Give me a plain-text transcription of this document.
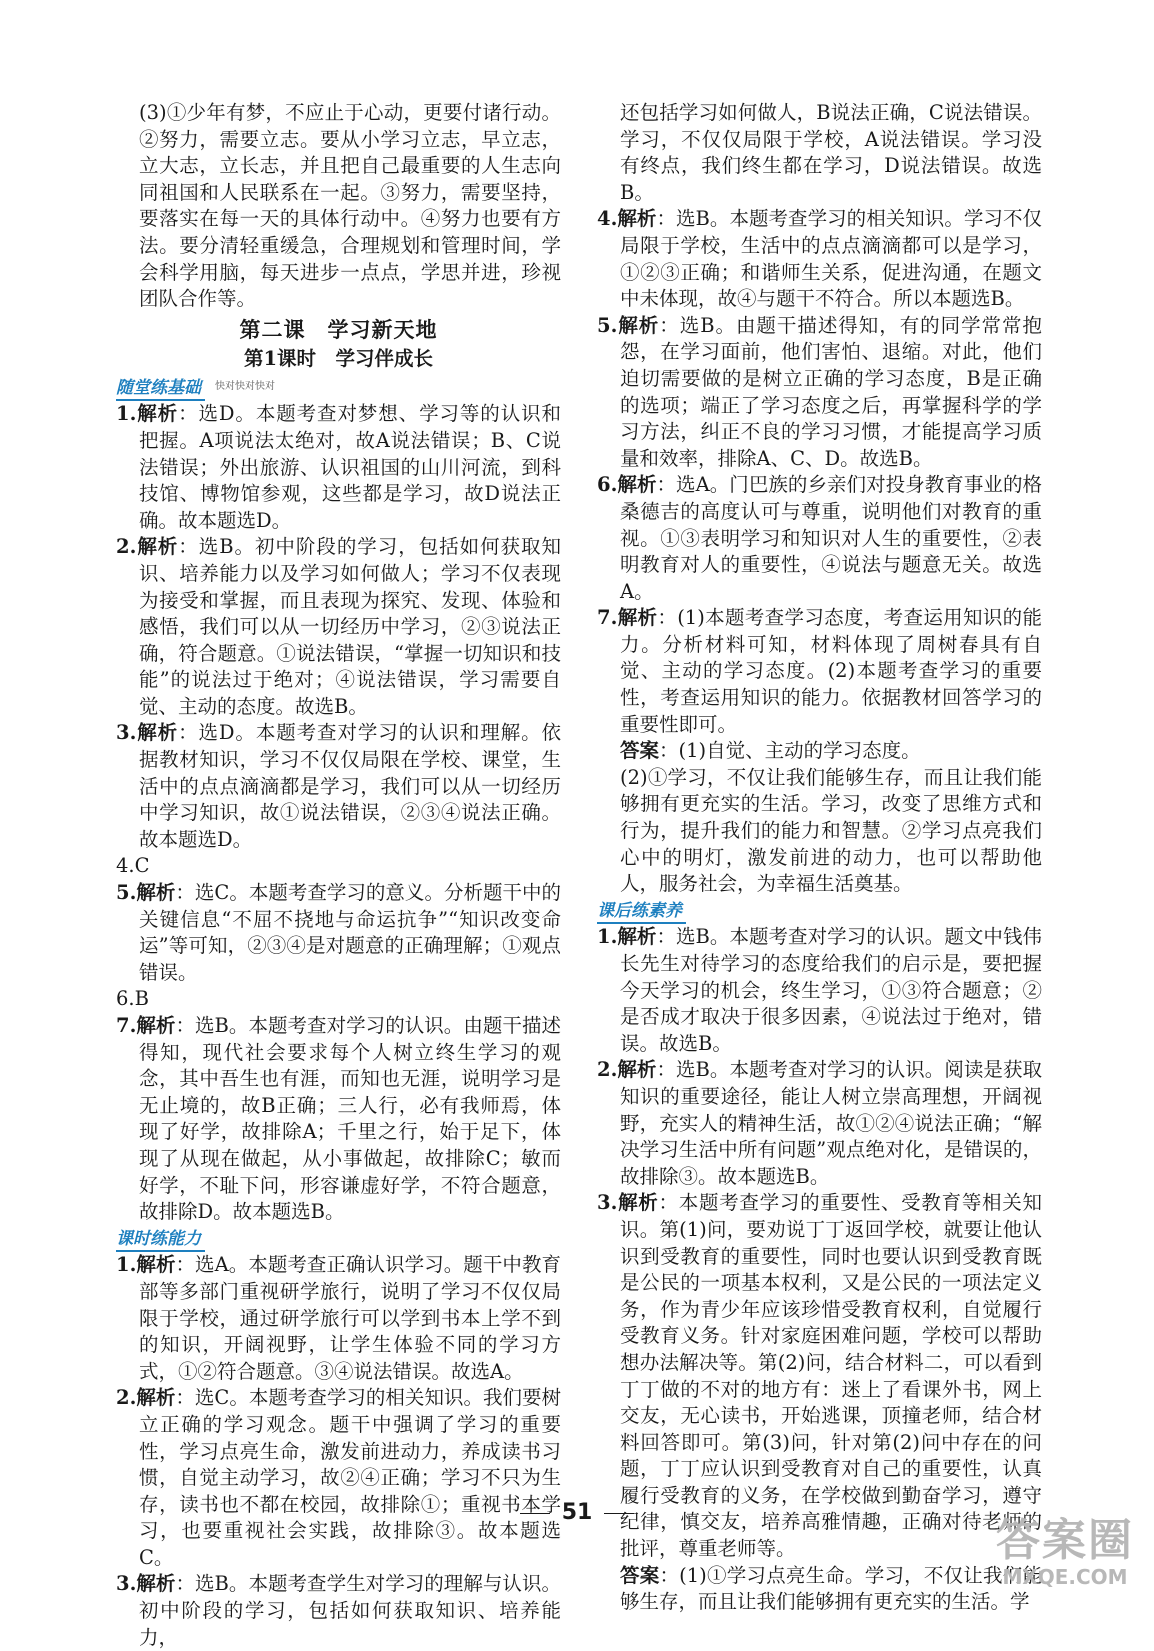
(3)①少年有梦，不应止于心动，更要付诸行动。②努力，需要立志。要从小学习立志，早立志，立大志，立长志，并且把自己最重要的人生志向同祖国和人民联系在一起。③努力，需要坚持，要落实在每一天的具体行动中。④努力也要有方法。要分清轻重缓急，合理规划和管理时间，学会科学用脑，每天进步一点点，学思并进，珍视团队合作等。

第二课　学习新天地
第1课时　学习伴成长
随堂练基础	快对快对快对

1.解析：选D。本题考查对梦想、学习等的认识和把握。A项说法太绝对，故A说法错误；B、C说法错误；外出旅游、认识祖国的山川河流，到科技馆、博物馆参观，这些都是学习，故D说法正确。故本题选D。

2.解析：选B。初中阶段的学习，包括如何获取知识、培养能力以及学习如何做人；学习不仅表现为接受和掌握，而且表现为探究、发现、体验和感悟，我们可以从一切经历中学习，②③说法正确，符合题意。①说法错误，“掌握一切知识和技能”的说法过于绝对；④说法错误，学习需要自觉、主动的态度。故选B。

3.解析：选D。本题考查对学习的认识和理解。依据教材知识，学习不仅仅局限在学校、课堂，生活中的点点滴滴都是学习，我们可以从一切经历中学习知识，故①说法错误，②③④说法正确。故本题选D。

4.C

5.解析：选C。本题考查学习的意义。分析题干中的关键信息“不屈不挠地与命运抗争”“知识改变命运”等可知，②③④是对题意的正确理解；①观点错误。

6.B

7.解析：选B。本题考查对学习的认识。由题干描述得知，现代社会要求每个人树立终生学习的观念，其中吾生也有涯，而知也无涯，说明学习是无止境的，故B正确；三人行，必有我师焉，体现了好学，故排除A；千里之行，始于足下，体现了从现在做起，从小事做起，故排除C；敏而好学，不耻下问，形容谦虚好学，不符合题意，故排除D。故本题选B。

课时练能力

1.解析：选A。本题考查正确认识学习。题干中教育部等多部门重视研学旅行，说明了学习不仅仅局限于学校，通过研学旅行可以学到书本上学不到的知识，开阔视野，让学生体验不同的学习方式，①②符合题意。③④说法错误。故选A。

2.解析：选C。本题考查学习的相关知识。我们要树立正确的学习观念。题干中强调了学习的重要性，学习点亮生命，激发前进动力，养成读书习惯，自觉主动学习，故②④正确；学习不只为生存，读书也不都在校园，故排除①；重视书本学习，也要重视社会实践，故排除③。故本题选C。

3.解析：选B。本题考查学生对学习的理解与认识。初中阶段的学习，包括如何获取知识、培养能力，

还包括学习如何做人，B说法正确，C说法错误。学习，不仅仅局限于学校，A说法错误。学习没有终点，我们终生都在学习，D说法错误。故选B。

4.解析：选B。本题考查学习的相关知识。学习不仅局限于学校，生活中的点点滴滴都可以是学习，①②③正确；和谐师生关系，促进沟通，在题文中未体现，故④与题干不符合。所以本题选B。

5.解析：选B。由题干描述得知，有的同学常常抱怨，在学习面前，他们害怕、退缩。对此，他们迫切需要做的是树立正确的学习态度，B是正确的选项；端正了学习态度之后，再掌握科学的学习方法，纠正不良的学习习惯，才能提高学习质量和效率，排除A、C、D。故选B。

6.解析：选A。门巴族的乡亲们对投身教育事业的格桑德吉的高度认可与尊重，说明他们对教育的重视。①③表明学习和知识对人生的重要性，②表明教育对人的重要性，④说法与题意无关。故选A。

7.解析：(1)本题考查学习态度，考查运用知识的能力。分析材料可知，材料体现了周树春具有自觉、主动的学习态度。(2)本题考查学习的重要性，考查运用知识的能力。依据教材回答学习的重要性即可。

答案：(1)自觉、主动的学习态度。

(2)①学习，不仅让我们能够生存，而且让我们能够拥有更充实的生活。学习，改变了思维方式和行为，提升我们的能力和智慧。②学习点亮我们心中的明灯，激发前进的动力，也可以帮助他人，服务社会，为幸福生活奠基。

课后练素养

1.解析：选B。本题考查对学习的认识。题文中钱伟长先生对待学习的态度给我们的启示是，要把握今天学习的机会，终生学习，①③符合题意；②是否成才取决于很多因素，④说法过于绝对，错误。故选B。

2.解析：选B。本题考查对学习的认识。阅读是获取知识的重要途径，能让人树立崇高理想，开阔视野，充实人的精神生活，故①②④说法正确；“解决学习生活中所有问题”观点绝对化，是错误的，故排除③。故本题选B。

3.解析：本题考查学习的重要性、受教育等相关知识。第(1)问，要劝说丁丁返回学校，就要让他认识到受教育的重要性，同时也要认识到受教育既是公民的一项基本权利，又是公民的一项法定义务，作为青少年应该珍惜受教育权利，自觉履行受教育义务。针对家庭困难问题，学校可以帮助想办法解决等。第(2)问，结合材料二，可以看到丁丁做的不对的地方有：迷上了看课外书，网上交友，无心读书，开始逃课，顶撞老师，结合材料回答即可。第(3)问，针对第(2)问中存在的问题，丁丁应认识到受教育对自己的重要性，认真履行受教育的义务，在学校做到勤奋学习，遵守纪律，慎交友，培养高雅情趣，正确对待老师的批评，尊重老师等。

答案：(1)①学习点亮生命。学习，不仅让我们能够生存，而且让我们能够拥有更充实的生活。学

51
答案圈
MXQE.COM
